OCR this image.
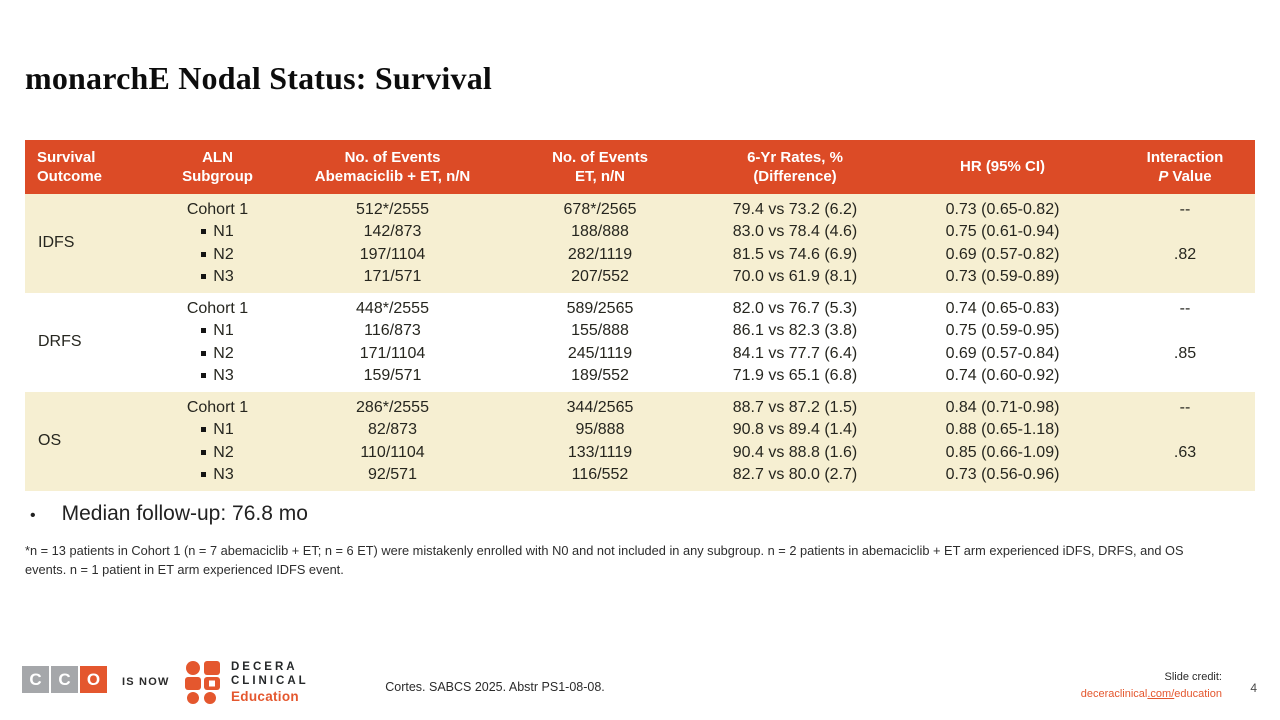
monarchE Nodal Status: Survival
Survival
Outcome
ALN
Subgroup
No. of Events
Abemaciclib + ET, n/N
No. of Events
ET, n/N
6-Yr Rates, %
(Difference)
HR (95% CI)
Interaction
P Value
IDFS
Cohort 1
N1
N2
N3
512*/2555
142/873
197/1104
171/571
678*/2565
188/888
282/1119
207/552
79.4 vs 73.2 (6.2)
83.0 vs 78.4 (4.6)
81.5 vs 74.6 (6.9)
70.0 vs 61.9 (8.1)
0.73 (0.65-0.82)
0.75 (0.61-0.94)
0.69 (0.57-0.82)
0.73 (0.59-0.89)
--
.82
DRFS
Cohort 1
N1
N2
N3
448*/2555
116/873
171/1104
159/571
589/2565
155/888
245/1119
189/552
82.0 vs 76.7 (5.3)
86.1 vs 82.3 (3.8)
84.1 vs 77.7 (6.4)
71.9 vs 65.1 (6.8)
0.74 (0.65-0.83)
0.75 (0.59-0.95)
0.69 (0.57-0.84)
0.74 (0.60-0.92)
--
.85
OS
Cohort 1
N1
N2
N3
286*/2555
82/873
110/1104
92/571
344/2565
95/888
133/1119
116/552
88.7 vs 87.2 (1.5)
90.8 vs 89.4 (1.4)
90.4 vs 88.8 (1.6)
82.7 vs 80.0 (2.7)
0.84 (0.71-0.98)
0.88 (0.65-1.18)
0.85 (0.66-1.09)
0.73 (0.56-0.96)
--
.63
• Median follow-up: 76.8 mo
*n = 13 patients in Cohort 1 (n = 7 abemaciclib + ET; n = 6 ET) were mistakenly enrolled with N0 and not included in any subgroup. n = 2 patients in abemaciclib + ET arm experienced iDFS, DRFS, and OS events. n = 1 patient in ET arm experienced IDFS event.
C C O	IS NOW
DECERA
CLINICAL
Education
Cortes. SABCS 2025. Abstr PS1-08-08.
Slide credit:
deceraclinical.com/education 4
